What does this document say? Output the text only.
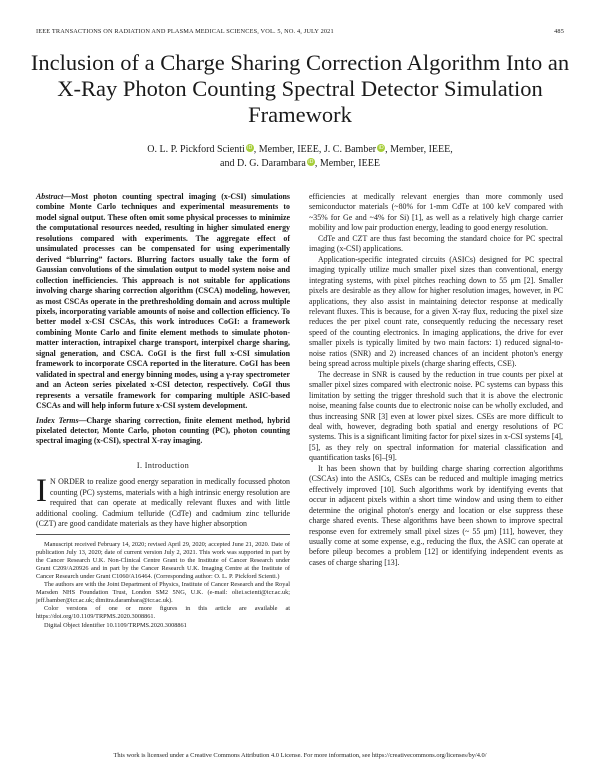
IEEE TRANSACTIONS ON RADIATION AND PLASMA MEDICAL SCIENCES, VOL. 5, NO. 4, JULY 2021	485
Inclusion of a Charge Sharing Correction Algorithm Into an X-Ray Photon Counting Spectral Detector Simulation Framework
O. L. P. Pickford Scienti iD, Member, IEEE, J. C. Bamber iD, Member, IEEE,
and D. G. Darambara iD, Member, IEEE

Abstract—Most photon counting spectral imaging (x-CSI) simulations combine Monte Carlo techniques and experimental measurements to model signal output. These often omit some physical processes to minimize the computational resources needed, resulting in higher simulated energy resolutions compared with experiments. The aggregate effect of unsimulated processes can be compensated for using experimentally derived “blurring” factors. Blurring factors usually take the form of Gaussian convolutions of the simulation output to model system noise and collection inefficiencies. This approach is not suitable for applications involving charge sharing correction algorithm (CSCA) modeling, however, as most CSCAs operate in the prethresholding domain and across multiple pixels, incorporating variable amounts of noise and collection efficiency. To better model x-CSI CSCAs, this work introduces CoGI: a framework combining Monte Carlo and finite element methods to simulate photon-matter interaction, intrapixel charge transport, interpixel charge sharing, signal generation, and CSCA. CoGI is the first full x-CSI simulation framework to incorporate CSCA reported in the literature. CoGI has been validated in spectral and energy binning modes, using a γ-ray spectrometer and an Acteon series pixelated x-CSI detector, respectively. CoGI thus represents a versatile framework for comparing multiple ASIC-based CSCAs and will help inform future x-CSI system development.

Index Terms—Charge sharing correction, finite element method, hybrid pixelated detector, Monte Carlo, photon counting (PC), photon counting spectral imaging (x-CSI), spectral X-ray imaging.

I. Introduction

I N ORDER to realize good energy separation in medically focussed photon counting (PC) systems, materials with a high intrinsic energy resolution are required that can operate at medically relevant fluxes and with little additional cooling. Cadmium telluride (CdTe) and cadmium zinc telluride (CZT) are good candidate materials as they have higher absorption

Manuscript received February 14, 2020; revised April 29, 2020; accepted June 21, 2020. Date of publication July 13, 2020; date of current version July 2, 2021. This work was supported in part by the Cancer Research U.K. Non-Clinical Centre Grant to the Institute of Cancer Research under Grant C209/A20926 and in part by the Cancer Research U.K. Imaging Centre at the Institute of Cancer Research under Grant C1060/A16464. (Corresponding author: O. L. P. Pickford Scienti.)

The authors are with the Joint Department of Physics, Institute of Cancer Research and the Royal Marsden NHS Foundation Trust, London SM2 5NG, U.K. (e-mail: oliei.scienti@icr.ac.uk; jeff.bamber@icr.ac.uk; dimitra.darambara@icr.ac.uk).

Color versions of one or more figures in this article are available at https://doi.org/10.1109/TRPMS.2020.3008861.

Digital Object Identifier 10.1109/TRPMS.2020.3008861

efficiencies at medically relevant energies than more commonly used semiconductor materials (~80% for 1-mm CdTe at 100 keV compared with ~35% for Ge and ~4% for Si) [1], as well as a relatively high charge carrier mobility and low pair production energy, leading to good energy resolution.

CdTe and CZT are thus fast becoming the standard choice for PC spectral imaging (x-CSI) applications.

Application-specific integrated circuits (ASICs) designed for PC spectral imaging typically utilize much smaller pixel sizes than conventional, energy integrating systems, with pixel pitches reaching down to 55 μm [2]. Smaller pixels are desirable as they allow for higher resolution images, however, in PC applications, they also assist in maintaining detector response at medically relevant fluxes. This is because, for a given X-ray flux, reducing the pixel size reduces the per pixel count rate, consequently reducing the necessary reset speed of the counting electronics. In imaging applications, the drive for ever smaller pixels is typically limited by two main factors: 1) reduced signal-to-noise ratios (SNR) and 2) increased chances of an incident photon's energy being spread across multiple pixels (charge sharing effects, CSE).

The decrease in SNR is caused by the reduction in true counts per pixel at smaller pixel sizes compared with electronic noise. PC systems can bypass this limitation by setting the trigger threshold such that it is above the electronic noise, meaning false counts due to electronic noise can be wholly excluded, and thus increasing SNR [3] even at lower pixel sizes. CSEs are more difficult to deal with, however, degrading both spatial and energy resolutions of PC systems. This is a significant limiting factor for pixel sizes in x-CSI systems [4], [5], as they rely on spectral information for material classification and quantification tasks [6]–[9].

It has been shown that by building charge sharing correction algorithms (CSCAs) into the ASICs, CSEs can be reduced and multiple imaging metrics effectively improved [10]. Such algorithms work by identifying events that occur in adjacent pixels within a short time window and using them to either determine the original photon's energy and location or else suppress these charge shared events. These algorithms have been shown to improve spectral response even for extremely small pixel sizes (~ 55 μm) [11], however, they usually come at some expense, e.g., reducing the flux, the ASIC can operate at before pileup becomes a problem [12] or identifying independent events as cases of charge sharing [13].

This work is licensed under a Creative Commons Attribution 4.0 License. For more information, see https://creativecommons.org/licenses/by/4.0/
